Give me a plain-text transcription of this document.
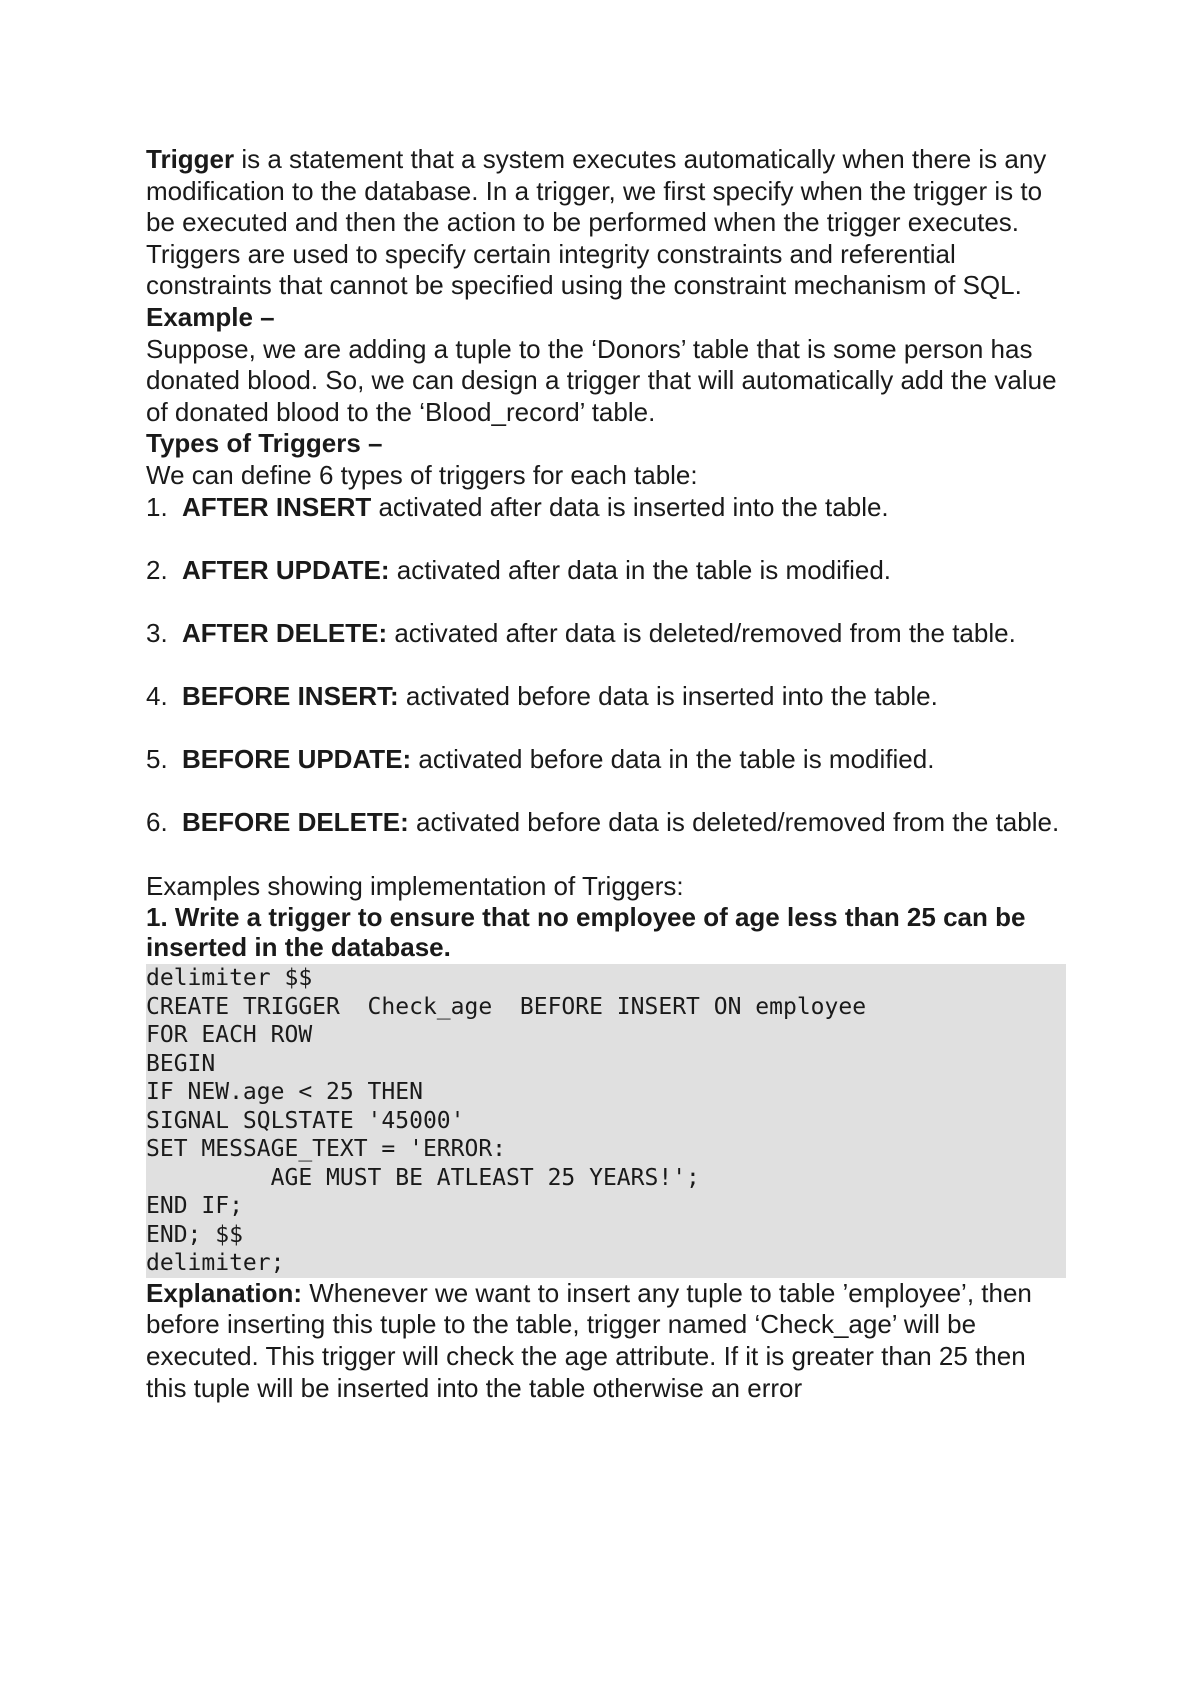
Trigger is a statement that a system executes automatically when there is any modification to the database. In a trigger, we first specify when the trigger is to be executed and then the action to be performed when the trigger executes. Triggers are used to specify certain integrity constraints and referential constraints that cannot be specified using the constraint mechanism of SQL.

Example –

Suppose, we are adding a tuple to the ‘Donors’ table that is some person has donated blood. So, we can design a trigger that will automatically add the value of donated blood to the ‘Blood_record’ table.

Types of Triggers –

We can define 6 types of triggers for each table:

1. AFTER INSERT activated after data is inserted into the table.
2. AFTER UPDATE: activated after data in the table is modified.
3. AFTER DELETE: activated after data is deleted/removed from the table.
4. BEFORE INSERT: activated before data is inserted into the table.
5. BEFORE UPDATE: activated before data in the table is modified.
6. BEFORE DELETE: activated before data is deleted/removed from the table.

Examples showing implementation of Triggers:

1. Write a trigger to ensure that no employee of age less than 25 can be inserted in the database.

delimiter $$
CREATE TRIGGER  Check_age  BEFORE INSERT ON employee
FOR EACH ROW
BEGIN
IF NEW.age < 25 THEN
SIGNAL SQLSTATE '45000'
SET MESSAGE_TEXT = 'ERROR:
AGE MUST BE ATLEAST 25 YEARS!';
END IF;
END; $$
delimiter;

Explanation: Whenever we want to insert any tuple to table ’employee’, then before inserting this tuple to the table, trigger named ‘Check_age’ will be executed. This trigger will check the age attribute. If it is greater than 25 then this tuple will be inserted into the table otherwise an error
